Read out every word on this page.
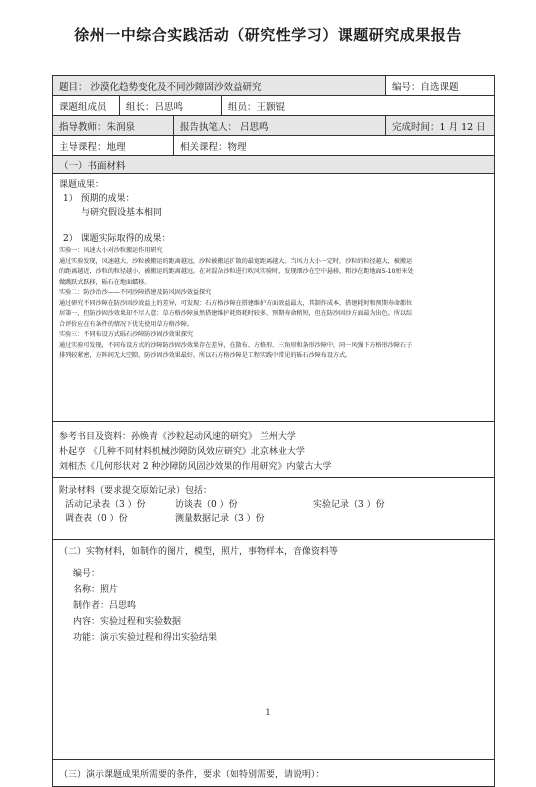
徐州一中综合实践活动（研究性学习）课题研究成果报告
题目： 沙漠化趋势变化及不同沙障固沙效益研究	编号：自选课题
课题组成员	组长：吕思鸣	组员：王颢锟
指导教师：朱润泉	报告执笔人： 吕思鸣	完成时间：1 月 12 日
主导课程：地理	相关课程：物理
（一）书面材料
课题成果：
1） 预期的成果：
与研究假设基本相同
2） 课题实际取得的成果：
实验一：风速大小对沙粒搬运作用研究
通过实验发现，风速越大，沙粒被搬运的距离越远，沙粒被搬运扩散的最宽距离越大。当风力大小一定时，沙粒的粒径越大，被搬运
的距离越近，沙粒的粒径越小，被搬运的距离越远。在对混杂沙粒进行吹风实验时，发现细沙在空中悬移，粗沙在距地面5-10厘米处
做跳跃式跃移，砾石在地面蠕移。
实验二：防沙治沙——不同沙障搭建及防风固沙效益探究
通过研究不同沙障在防沙固沙效益上的差异，可发现：石方格沙障在搭建维护方面效益最大，其制作成本，搭建耗时和预期寿命都位
居第一，但防沙固沙效果却不尽人意；草方格沙障虽然搭建维护耗资耗时较多，预期寿命稍短，但在防沙固沙方面最为出色。所以综
合评价应在有条件的情况下优先使用草方格沙障。
实验三：不同布设方式砾石沙障防沙固沙效果探究
通过实验可发现，不同布设方式的沙障防沙固沙效果存在差异，在散布、方格形、三角形和条形沙障中，同一风强下方格形沙障石子
排列较紧密，方阵间无大空隙，防沙固沙效果最好。所以石方格沙障是工程实践中常见的砾石沙障布设方式。
参考书目及资料：孙焕青《沙粒起动风速的研究》 兰州大学
朴起亨 《几种不同材料机械沙障防风效应研究》北京林业大学
刘相杰《几何形状对 2 种沙障防风固沙效果的作用研究》内蒙古大学
附录材料（要求提交原始记录）包括：
活动记录表（3 ）份	访谈表（0 ）份	实验记录（3 ）份
调查表（0 ）份	测量数据记录（3 ）份
（二）实物材料，如制作的图片，模型，照片，事物样本，音像资料等
编号：
名称：照片
制作者：吕思鸣
内容：实验过程和实验数据
功能：演示实验过程和得出实验结果
（三）演示课题成果所需要的条件，要求（如特别需要，请说明）：
1
